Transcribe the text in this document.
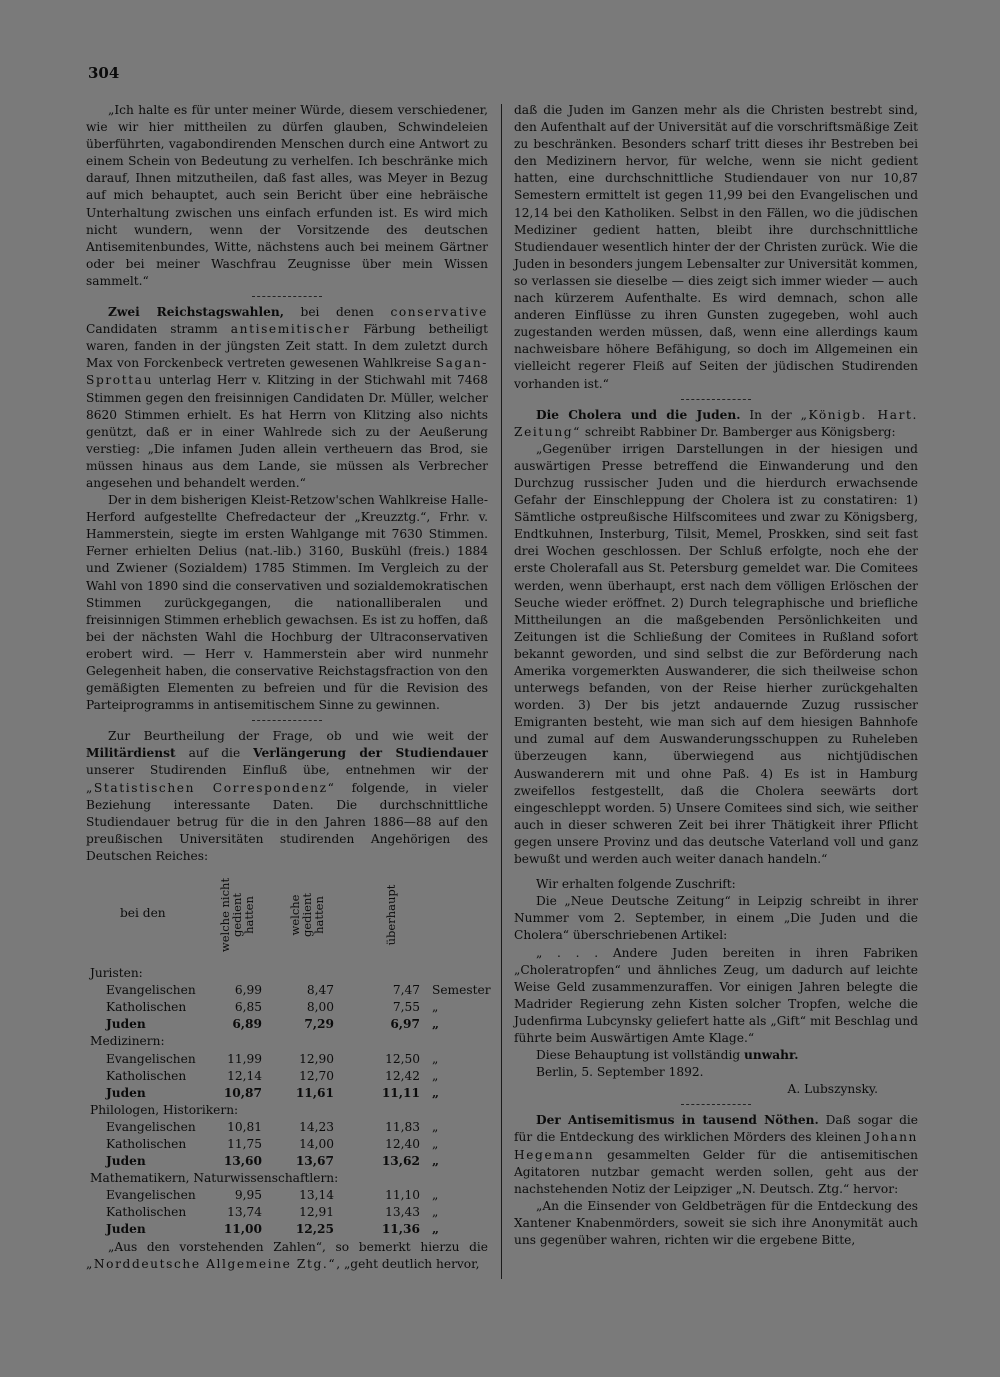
304

„Ich halte es für unter meiner Würde, diesem verschiedener, wie wir hier mittheilen zu dürfen glauben, Schwindeleien überführten, vagabondirenden Menschen durch eine Antwort zu einem Schein von Bedeutung zu verhelfen. Ich beschränke mich darauf, Ihnen mitzutheilen, daß fast alles, was Meyer in Bezug auf mich behauptet, auch sein Bericht über eine hebräische Unterhaltung zwischen uns einfach erfunden ist. Es wird mich nicht wundern, wenn der Vorsitzende des deutschen Antisemitenbundes, Witte, nächstens auch bei meinem Gärtner oder bei meiner Waschfrau Zeugnisse über mein Wissen sammelt.“

Zwei Reichstagswahlen, bei denen conservative Candidaten stramm antisemitischer Färbung betheiligt waren, fanden in der jüngsten Zeit statt. In dem zuletzt durch Max von Forckenbeck vertreten gewesenen Wahlkreise Sagan-Sprottau unterlag Herr v. Klitzing in der Stichwahl mit 7468 Stimmen gegen den freisinnigen Candidaten Dr. Müller, welcher 8620 Stimmen erhielt. Es hat Herrn von Klitzing also nichts genützt, daß er in einer Wahlrede sich zu der Aeußerung verstieg: „Die infamen Juden allein vertheuern das Brod, sie müssen hinaus aus dem Lande, sie müssen als Verbrecher angesehen und behandelt werden.“

Der in dem bisherigen Kleist-Retzow'schen Wahlkreise Halle-Herford aufgestellte Chefredacteur der „Kreuzztg.“, Frhr. v. Hammerstein, siegte im ersten Wahlgange mit 7630 Stimmen. Ferner erhielten Delius (nat.-lib.) 3160, Buskühl (freis.) 1884 und Zwiener (Sozialdem) 1785 Stimmen. Im Vergleich zu der Wahl von 1890 sind die conservativen und sozialdemokratischen Stimmen zurückgegangen, die nationalliberalen und freisinnigen Stimmen erheblich gewachsen. Es ist zu hoffen, daß bei der nächsten Wahl die Hochburg der Ultraconservativen erobert wird. — Herr v. Hammerstein aber wird nunmehr Gelegenheit haben, die conservative Reichstagsfraction von den gemäßigten Elementen zu befreien und für die Revision des Parteiprogramms in antisemitischem Sinne zu gewinnen.

Zur Beurtheilung der Frage, ob und wie weit der Militärdienst auf die Verlängerung der Studiendauer unserer Studirenden Einfluß übe, entnehmen wir der „Statistischen Correspondenz“ folgende, in vieler Beziehung interessante Daten. Die durchschnittliche Studiendauer betrug für die in den Jahren 1886—88 auf den preußischen Universitäten studirenden Angehörigen des Deutschen Reiches:

bei den	welche nicht gedient hatten	welche gedient hatten	überhaupt
Juristen:
Evangelischen	6,99	8,47	7,47 Semester
Katholischen	6,85	8,00	7,55 „
Juden	6,89	7,29	6,97 „
Medizinern:
Evangelischen	11,99	12,90	12,50 „
Katholischen	12,14	12,70	12,42 „
Juden	10,87	11,61	11,11 „
Philologen, Historikern:
Evangelischen	10,81	14,23	11,83 „
Katholischen	11,75	14,00	12,40 „
Juden	13,60	13,67	13,62 „
Mathematikern, Naturwissenschaftlern:
Evangelischen	9,95	13,14	11,10 „
Katholischen	13,74	12,91	13,43 „
Juden	11,00	12,25	11,36 „

„Aus den vorstehenden Zahlen“, so bemerkt hierzu die „Norddeutsche Allgemeine Ztg.“, „geht deutlich hervor,

daß die Juden im Ganzen mehr als die Christen bestrebt sind, den Aufenthalt auf der Universität auf die vorschriftsmäßige Zeit zu beschränken. Besonders scharf tritt dieses ihr Bestreben bei den Medizinern hervor, für welche, wenn sie nicht gedient hatten, eine durchschnittliche Studiendauer von nur 10,87 Semestern ermittelt ist gegen 11,99 bei den Evangelischen und 12,14 bei den Katholiken. Selbst in den Fällen, wo die jüdischen Mediziner gedient hatten, bleibt ihre durchschnittliche Studiendauer wesentlich hinter der der Christen zurück. Wie die Juden in besonders jungem Lebensalter zur Universität kommen, so verlassen sie dieselbe — dies zeigt sich immer wieder — auch nach kürzerem Aufenthalte. Es wird demnach, schon alle anderen Einflüsse zu ihren Gunsten zugegeben, wohl auch zugestanden werden müssen, daß, wenn eine allerdings kaum nachweisbare höhere Befähigung, so doch im Allgemeinen ein vielleicht regerer Fleiß auf Seiten der jüdischen Studirenden vorhanden ist.“

Die Cholera und die Juden. In der „Königb. Hart. Zeitung“ schreibt Rabbiner Dr. Bamberger aus Königsberg:

„Gegenüber irrigen Darstellungen in der hiesigen und auswärtigen Presse betreffend die Einwanderung und den Durchzug russischer Juden und die hierdurch erwachsende Gefahr der Einschleppung der Cholera ist zu constatiren: 1) Sämtliche ostpreußische Hilfscomitees und zwar zu Königsberg, Endtkuhnen, Insterburg, Tilsit, Memel, Proskken, sind seit fast drei Wochen geschlossen. Der Schluß erfolgte, noch ehe der erste Cholerafall aus St. Petersburg gemeldet war. Die Comitees werden, wenn überhaupt, erst nach dem völligen Erlöschen der Seuche wieder eröffnet. 2) Durch telegraphische und briefliche Mittheilungen an die maßgebenden Persönlichkeiten und Zeitungen ist die Schließung der Comitees in Rußland sofort bekannt geworden, und sind selbst die zur Beförderung nach Amerika vorgemerkten Auswanderer, die sich theilweise schon unterwegs befanden, von der Reise hierher zurückgehalten worden. 3) Der bis jetzt andauernde Zuzug russischer Emigranten besteht, wie man sich auf dem hiesigen Bahnhofe und zumal auf dem Auswanderungsschuppen zu Ruheleben überzeugen kann, überwiegend aus nichtjüdischen Auswanderern mit und ohne Paß. 4) Es ist in Hamburg zweifellos festgestellt, daß die Cholera seewärts dort eingeschleppt worden. 5) Unsere Comitees sind sich, wie seither auch in dieser schweren Zeit bei ihrer Thätigkeit ihrer Pflicht gegen unsere Provinz und das deutsche Vaterland voll und ganz bewußt und werden auch weiter danach handeln.“

Wir erhalten folgende Zuschrift:

Die „Neue Deutsche Zeitung“ in Leipzig schreibt in ihrer Nummer vom 2. September, in einem „Die Juden und die Cholera“ überschriebenen Artikel:

„ . . . Andere Juden bereiten in ihren Fabriken „Choleratropfen“ und ähnliches Zeug, um dadurch auf leichte Weise Geld zusammenzuraffen. Vor einigen Jahren belegte die Madrider Regierung zehn Kisten solcher Tropfen, welche die Judenfirma Lubcynsky geliefert hatte als „Gift“ mit Beschlag und führte beim Auswärtigen Amte Klage.“

Diese Behauptung ist vollständig unwahr.

Berlin, 5. September 1892.

A. Lubszynsky.

Der Antisemitismus in tausend Nöthen. Daß sogar die für die Entdeckung des wirklichen Mörders des kleinen Johann Hegemann gesammelten Gelder für die antisemitischen Agitatoren nutzbar gemacht werden sollen, geht aus der nachstehenden Notiz der Leipziger „N. Deutsch. Ztg.“ hervor:

„An die Einsender von Geldbeträgen für die Entdeckung des Xantener Knabenmörders, soweit sie sich ihre Anonymität auch uns gegenüber wahren, richten wir die ergebene Bitte,
